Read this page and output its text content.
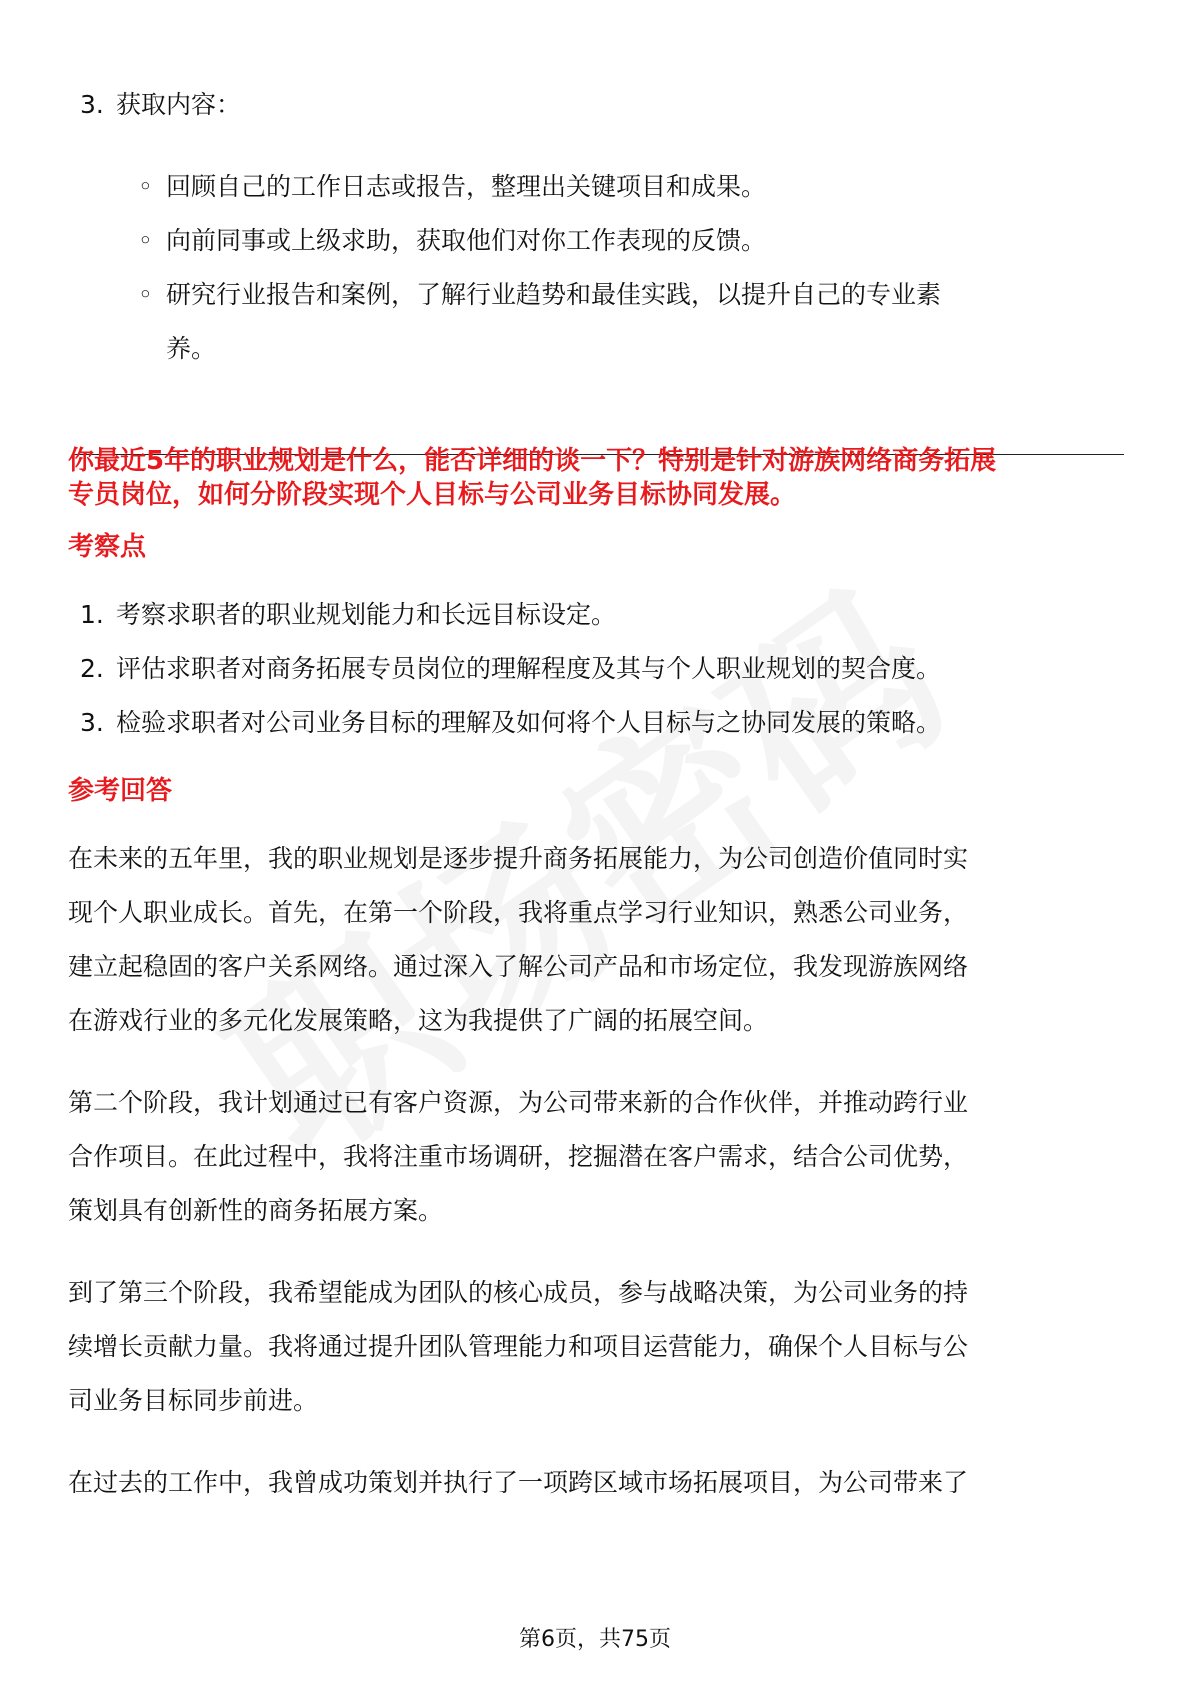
3. 获取内容：
◦ 回顾自己的工作日志或报告，整理出关键项目和成果。
◦ 向前同事或上级求助，获取他们对你工作表现的反馈。
◦ 研究行业报告和案例，了解行业趋势和最佳实践，以提升自己的专业素
养。
你最近5年的职业规划是什么，能否详细的谈一下？特别是针对游族网络商务拓展
专员岗位，如何分阶段实现个人目标与公司业务目标协同发展。
考察点
1. 考察求职者的职业规划能力和长远目标设定。
2. 评估求职者对商务拓展专员岗位的理解程度及其与个人职业规划的契合度。
3. 检验求职者对公司业务目标的理解及如何将个人目标与之协同发展的策略。
参考回答
在未来的五年里，我的职业规划是逐步提升商务拓展能力，为公司创造价值同时实
现个人职业成长。首先，在第一个阶段，我将重点学习行业知识，熟悉公司业务，
建立起稳固的客户关系网络。通过深入了解公司产品和市场定位，我发现游族网络
在游戏行业的多元化发展策略，这为我提供了广阔的拓展空间。
第二个阶段，我计划通过已有客户资源，为公司带来新的合作伙伴，并推动跨行业
合作项目。在此过程中，我将注重市场调研，挖掘潜在客户需求，结合公司优势，
策划具有创新性的商务拓展方案。
到了第三个阶段，我希望能成为团队的核心成员，参与战略决策，为公司业务的持
续增长贡献力量。我将通过提升团队管理能力和项目运营能力，确保个人目标与公
司业务目标同步前进。
在过去的工作中，我曾成功策划并执行了一项跨区域市场拓展项目，为公司带来了
第6页，共75页
